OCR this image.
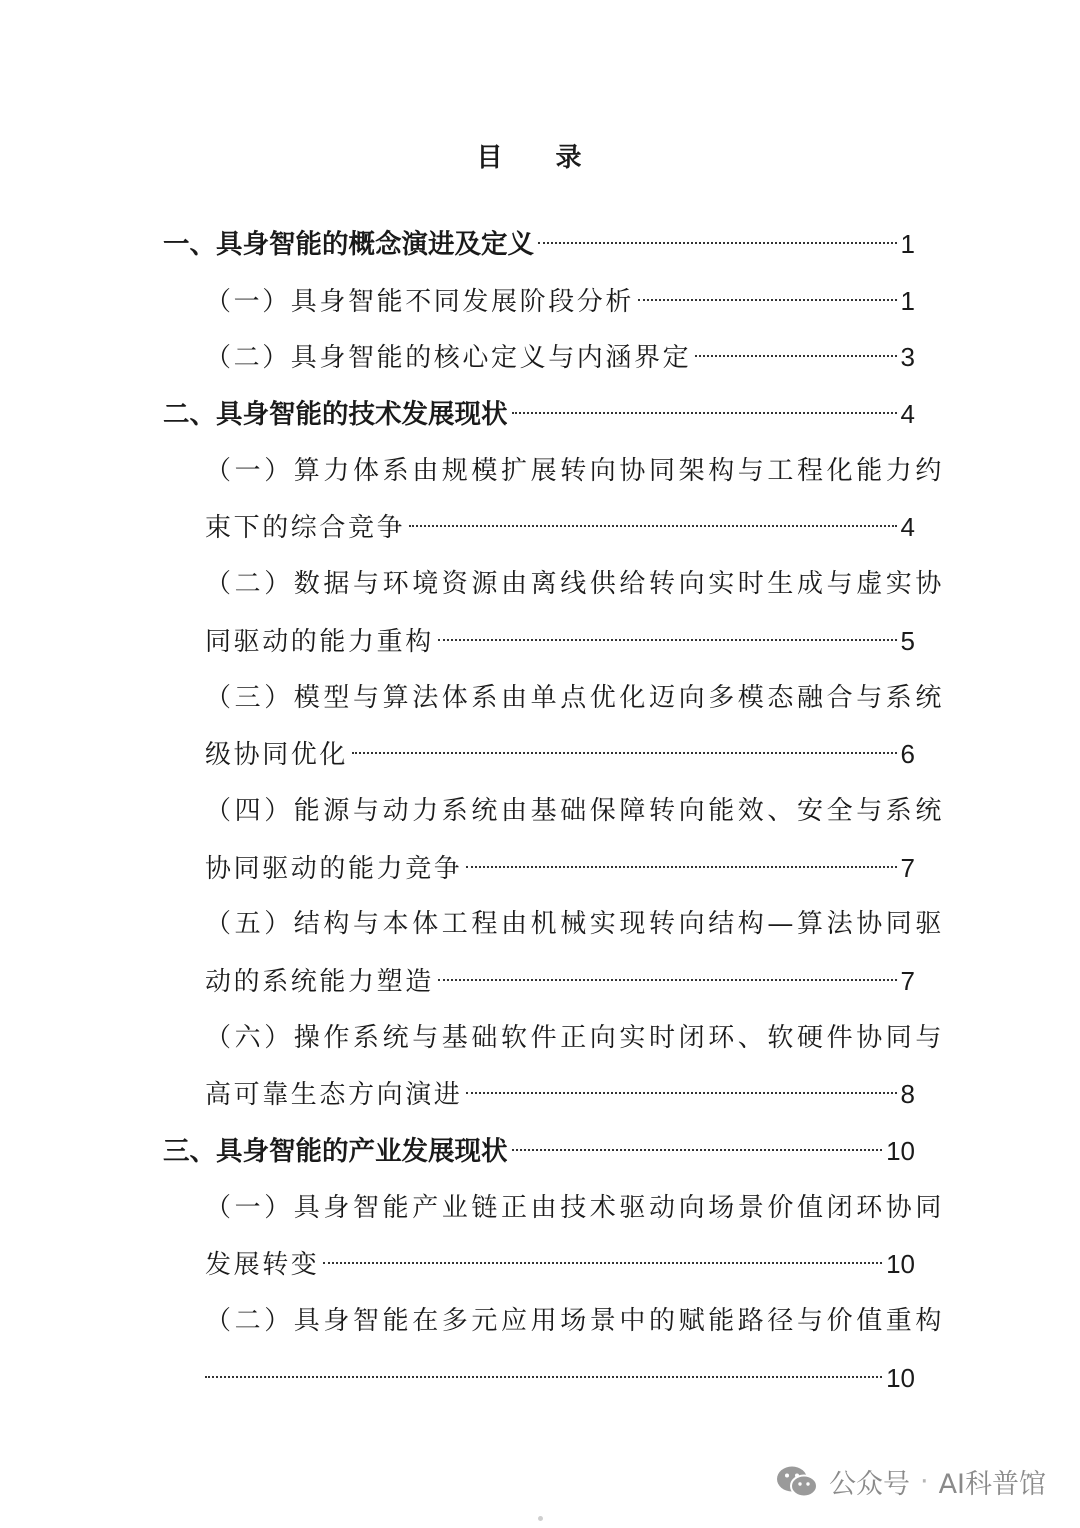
目 录
一、具身智能的概念演进及定义	1
（一）具身智能不同发展阶段分析	1
（二）具身智能的核心定义与内涵界定	3
二、具身智能的技术发展现状	4
（一）算力体系由规模扩展转向协同架构与工程化能力约
束下的综合竞争	4
（二）数据与环境资源由离线供给转向实时生成与虚实协
同驱动的能力重构	5
（三）模型与算法体系由单点优化迈向多模态融合与系统
级协同优化	6
（四）能源与动力系统由基础保障转向能效、安全与系统
协同驱动的能力竞争	7
（五）结构与本体工程由机械实现转向结构—算法协同驱
动的系统能力塑造	7
（六）操作系统与基础软件正向实时闭环、软硬件协同与
高可靠生态方向演进	8
三、具身智能的产业发展现状	10
（一）具身智能产业链正由技术驱动向场景价值闭环协同
发展转变	10
（二）具身智能在多元应用场景中的赋能路径与价值重构
10
公众号 · AI科普馆
